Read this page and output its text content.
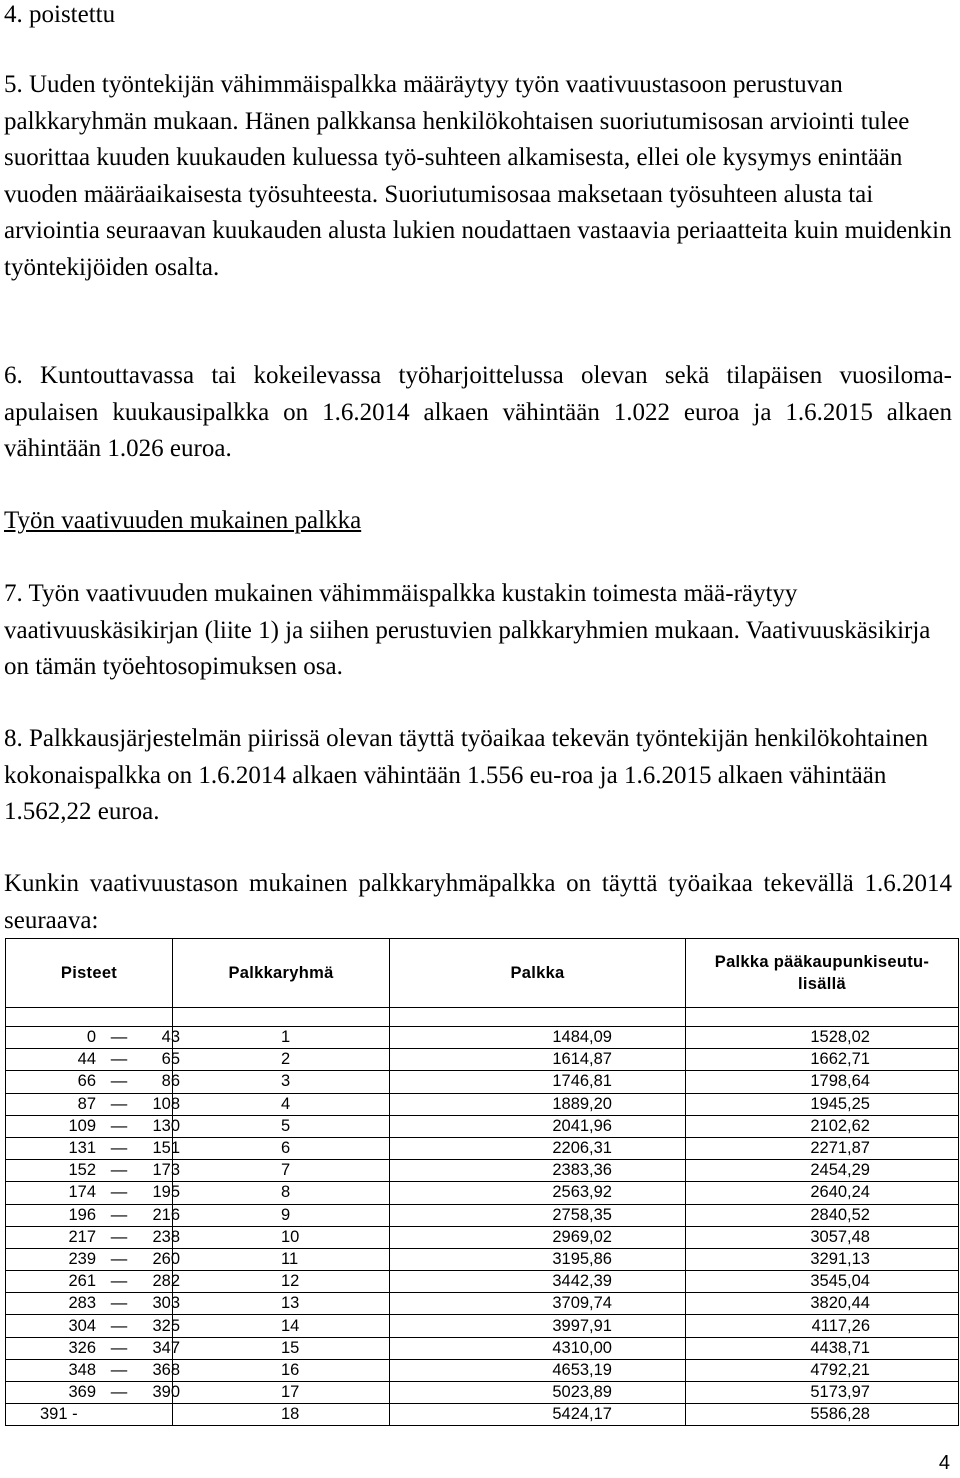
4. poistettu

5. Uuden työntekijän vähimmäispalkka määräytyy työn vaativuustasoon perustuvan palkkaryhmän mukaan. Hänen palkkansa henkilökohtaisen suoriutumisosan arviointi tulee suorittaa kuuden kuukauden kuluessa työ-suhteen alkamisesta, ellei ole kysymys enintään vuoden määräaikaisesta työsuhteesta. Suoriutumisosaa maksetaan työsuhteen alusta tai arviointia seuraavan kuukauden alusta lukien noudattaen vastaavia periaatteita kuin muidenkin työntekijöiden osalta.

6. Kuntouttavassa tai kokeilevassa työharjoittelussa olevan sekä tilapäisen vuosiloma-apulaisen kuukausipalkka on 1.6.2014 alkaen vähintään 1.022 euroa ja 1.6.2015 alkaen vähintään 1.026 euroa.

Työn vaativuuden mukainen palkka

7. Työn vaativuuden mukainen vähimmäispalkka kustakin toimesta mää-räytyy vaativuuskäsikirjan (liite 1) ja siihen perustuvien palkkaryhmien mukaan. Vaativuuskäsikirja on tämän työehtosopimuksen osa.

8. Palkkausjärjestelmän piirissä olevan täyttä työaikaa tekevän työntekijän henkilökohtainen kokonaispalkka on 1.6.2014 alkaen vähintään 1.556 eu-roa ja 1.6.2015 alkaen vähintään 1.562,22 euroa.

Kunkin vaativuustason mukainen palkkaryhmäpalkka on täyttä työaikaa tekevällä 1.6.2014 seuraava:

Pisteet	Palkkaryhmä	Palkka	Palkka pääkaupunkiseutu-lisällä

0 — 43	1	1484,09	1528,02
44 — 65	2	1614,87	1662,71
66 — 86	3	1746,81	1798,64
87 — 108	4	1889,20	1945,25
109 — 130	5	2041,96	2102,62
131 — 151	6	2206,31	2271,87
152 — 173	7	2383,36	2454,29
174 — 195	8	2563,92	2640,24
196 — 216	9	2758,35	2840,52
217 — 238	10	2969,02	3057,48
239 — 260	11	3195,86	3291,13
261 — 282	12	3442,39	3545,04
283 — 303	13	3709,74	3820,44
304 — 325	14	3997,91	4117,26
326 — 347	15	4310,00	4438,71
348 — 368	16	4653,19	4792,21
369 — 390	17	5023,89	5173,97
391 -	18	5424,17	5586,28
4
